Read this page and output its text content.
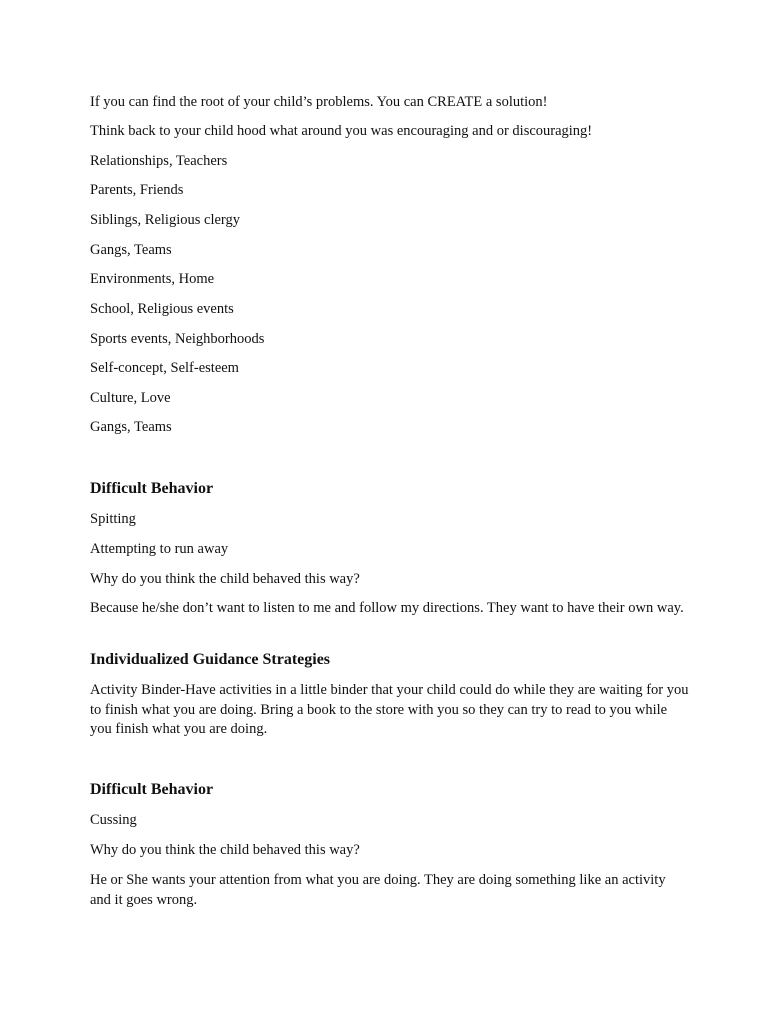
If you can find the root of your child’s problems. You can CREATE a solution!
Think back to your child hood what around you was encouraging and or discouraging!
Relationships, Teachers
Parents, Friends
Siblings, Religious clergy
Gangs, Teams
Environments, Home
School, Religious events
Sports events, Neighborhoods
Self-concept, Self-esteem
Culture, Love
Gangs, Teams
Difficult Behavior
Spitting
Attempting to run away
Why do you think the child behaved this way?
Because he/she don’t want to listen to me and follow my directions. They want to have their own way.
Individualized Guidance Strategies
Activity Binder-Have activities in a little binder that your child could do while they are waiting for you to finish what you are doing. Bring a book to the store with you so they can try to read to you while you finish what you are doing.
Difficult Behavior
Cussing
Why do you think the child behaved this way?
He or She wants your attention from what you are doing. They are doing something like an activity and it goes wrong.
